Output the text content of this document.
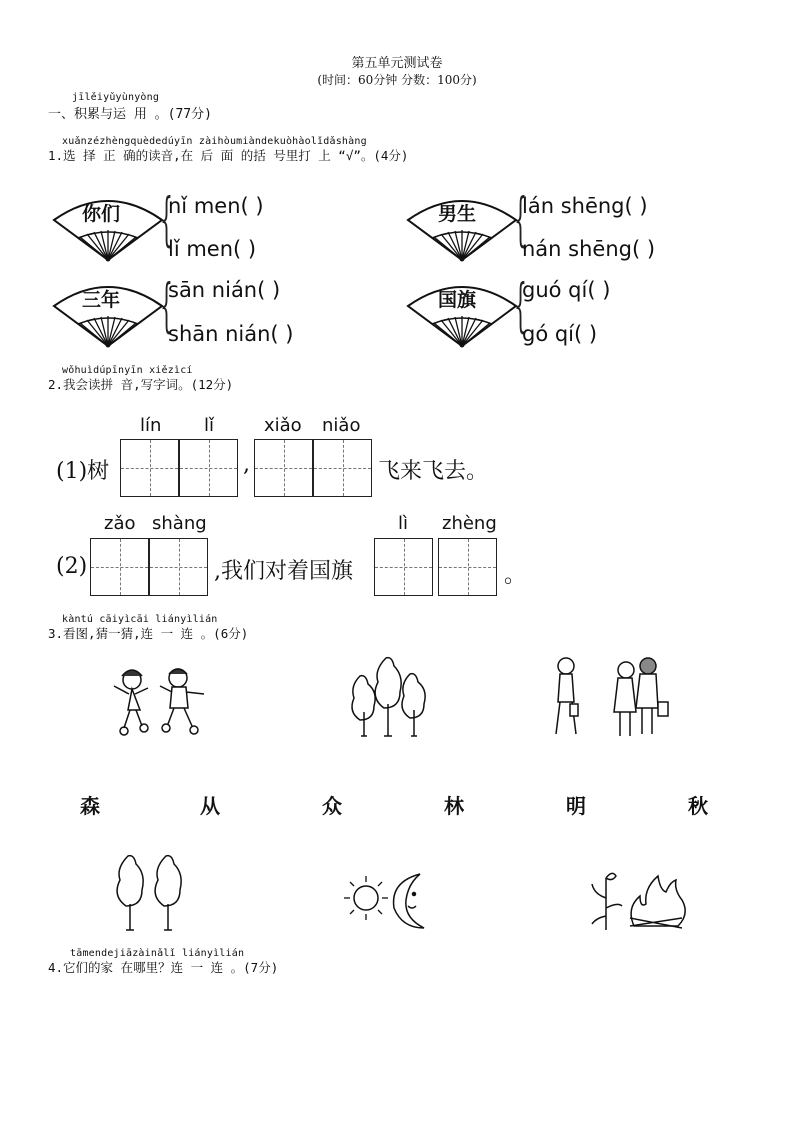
第五单元测试卷
(时间：60分钟 分数：100分)
jīlěiyǔyùnyòng
一、积累与运 用 。(77分)
xuǎnzézhèngquèdedúyīn zàihòumiàndekuòhàolǐdǎshàng
1.选 择 正 确的读音,在 后 面 的括 号里打 上 “√”。(4分)
你们 {
nǐ men( )
lǐ men( )
男生 {
lán shēng( )
nán shēng( )
三年 {
sān nián( )
shān nián( )
国旗 {
guó qí( )
gó qí( )
wǒhuìdúpīnyīn xiězìcí
2.我会读拼 音,写字词。(12分)
lín lǐ	xiǎo niǎo
(1)树	,	飞来飞去。
zǎo shàng	lì zhèng
(2)	,我们对着国旗	。
kàntú cāiyìcāi liányìlián
3.看图,猜一猜,连 一 连 。(6分)
森	从	众	林	明	秋
tāmendejiāzàinǎlǐ liányìlián
4.它们的家 在哪里？连 一 连 。(7分)
